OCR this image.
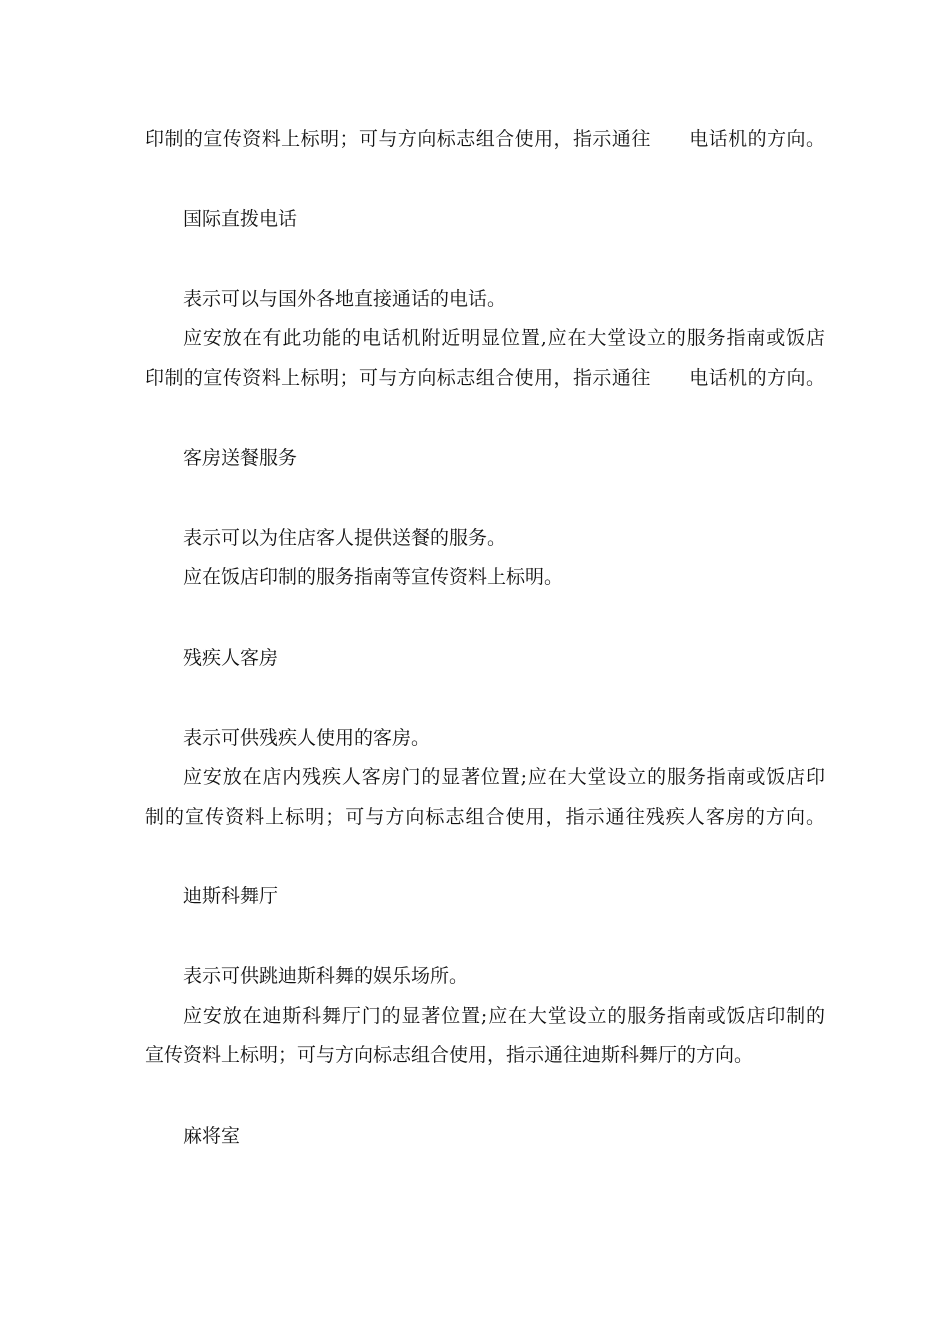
印制的宣传资料上标明；可与方向标志组合使用，指示通往 电话机的方向。
国际直拨电话
表示可以与国外各地直接通话的电话。
应安放在有此功能的电话机附近明显位置,应在大堂设立的服务指南或饭店
印制的宣传资料上标明；可与方向标志组合使用，指示通往 电话机的方向。
客房送餐服务
表示可以为住店客人提供送餐的服务。
应在饭店印制的服务指南等宣传资料上标明。
残疾人客房
表示可供残疾人使用的客房。
应安放在店内残疾人客房门的显著位置;应在大堂设立的服务指南或饭店印
制的宣传资料上标明；可与方向标志组合使用，指示通往残疾人客房的方向。
迪斯科舞厅
表示可供跳迪斯科舞的娱乐场所。
应安放在迪斯科舞厅门的显著位置;应在大堂设立的服务指南或饭店印制的
宣传资料上标明；可与方向标志组合使用，指示通往迪斯科舞厅的方向。
麻将室
